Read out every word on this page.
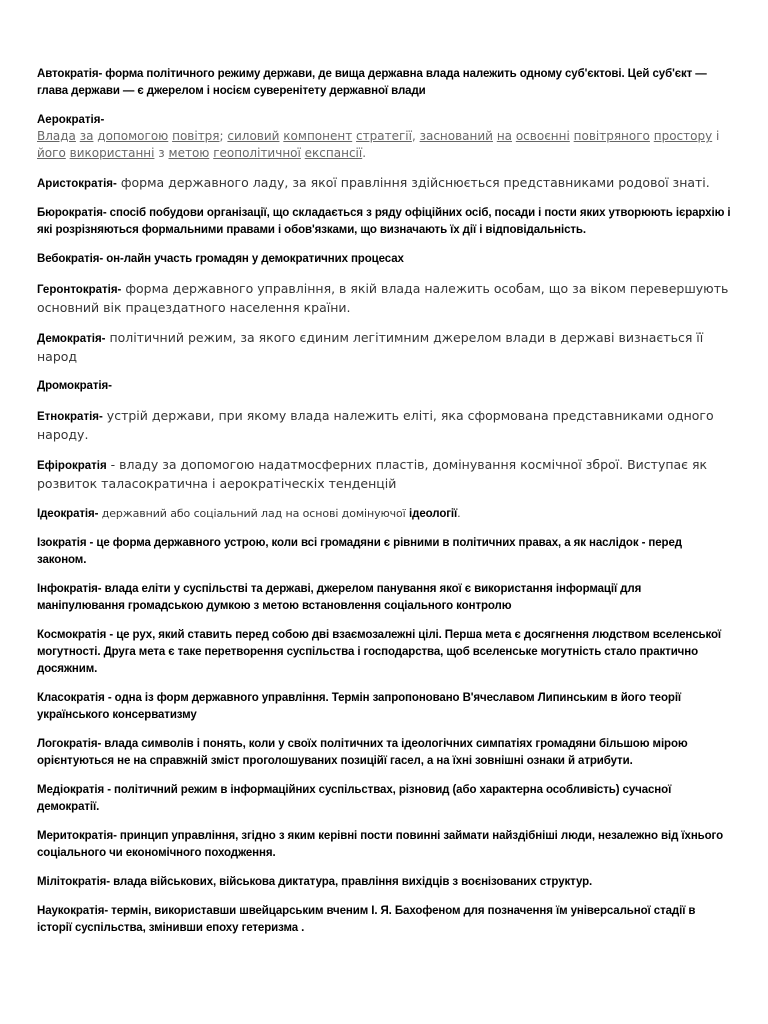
Автократія- форма політичного режиму держави, де вища державна влада належить одному суб'єктові. Цей суб'єкт — глава держави — є джерелом і носієм суверенітету державної влади
Аерократія-
Влада за допомогою повітря; силовий компонент стратегії, заснований на освоєнні повітряного простору і його використанні з метою геополітичної експансії.
Аристократія- форма державного ладу, за якої правління здійснюється представниками родової знаті.
Бюрократія- спосіб побудови організації, що складається з ряду офіційних осіб, посади і пости яких утворюють ієрархію і які розрізняються формальними правами і обов'язками, що визначають їх дії і відповідальність.
Вебократія- он-лайн участь громадян у демократичних процесах
Геронтократія- форма державного управління, в якій влада належить особам, що за віком перевершують основний вік працездатного населення країни.
Демократія- політичний режим, за якого єдиним легітимним джерелом влади в державі визнається її народ
Дромократія-
Етнократія- устрій держави, при якому влада належить еліті, яка сформована представниками одного народу.
Ефірократія - владу за допомогою надатмосферних пластів, домінування космічної зброї. Виступає як розвиток таласократична і аерократіческіх тенденцій
Ідеократія- державний або соціальний лад на основі домінуючої ідеології.
Ізократія - це форма державного устрою, коли всі громадяни є рівними в політичних правах, а як наслідок - перед законом.
Інфократія- влада еліти у суспільстві та державі, джерелом панування якої є використання інформації для маніпулювання громадською думкою з метою встановлення соціального контролю
Космократія - це рух, який ставить перед собою дві взаємозалежні цілі. Перша мета є досягнення людством вселенської могутності. Друга мета є таке перетворення суспільства і господарства, щоб вселенське могутність стало практично досяжним.
Класократія - одна із форм державного управління. Термін запропоновано В'ячеславом Липинським в його теорії українського консерватизму
Логократія- влада символів і понять, коли у своїх політичних та ідеологічних симпатіях громадяни більшою мірою орієнтуються не на справжній зміст проголошуваних позиційї гасел, а на їхні зовнішні ознаки й атрибути.
Медіократія - політичний режим в інформаційних суспільствах, різновид (або характерна особливість) сучасної демократії.
Меритократія- принцип управління, згідно з яким керівні пости повинні займати найздібніші люди, незалежно від їхнього соціального чи економічного походження.
Мілітократія- влада військових, військова диктатура, правління вихідців з воєнізованих структур.
Наукократія- термін, використавши швейцарським вченим І. Я. Бахофеном для позначення їм універсальної стадії в історії суспільства, змінивши епоху гетеризма .
